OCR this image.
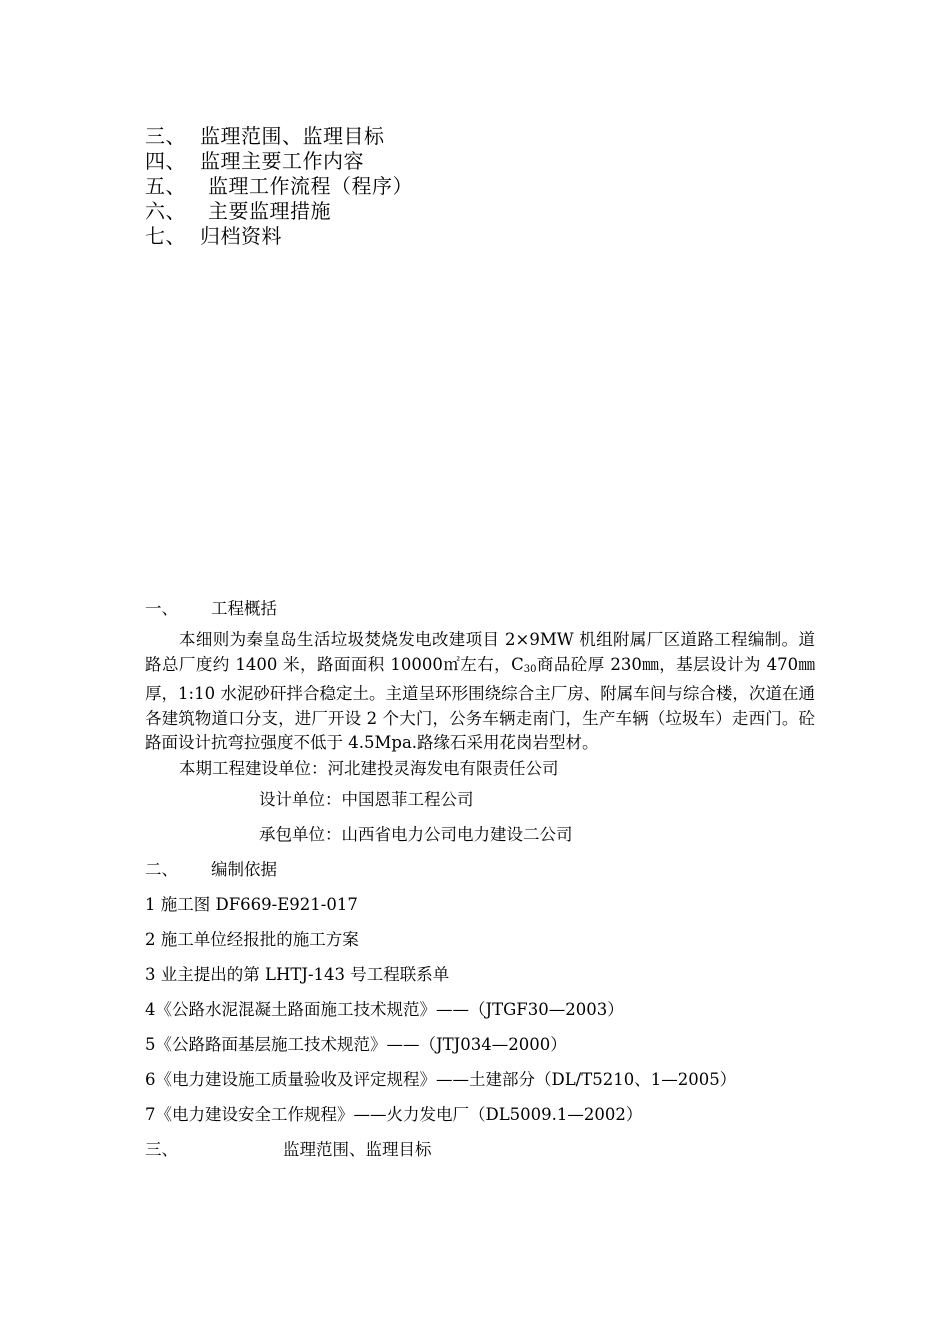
三、 监理范围、监理目标
四、 监理主要工作内容
五、 监理工作流程（程序）
六、 主要监理措施
七、 归档资料
一、 工程概括
本细则为秦皇岛生活垃圾焚烧发电改建项目 2×9MW 机组附属厂区道路工程编制。道路总厂度约 1400 米，路面面积 10000㎡左右，$C_{30}$商品砼厚 230㎜，基层设计为 470㎜厚，1:10 水泥砂矸拌合稳定土。主道呈环形围绕综合主厂房、附属车间与综合楼，次道在通各建筑物道口分支，进厂开设 2 个大门，公务车辆走南门，生产车辆（垃圾车）走西门。砼路面设计抗弯拉强度不低于 4.5Mpa.路缘石采用花岗岩型材。
本期工程建设单位：河北建投灵海发电有限责任公司
设计单位：中国恩菲工程公司
承包单位：山西省电力公司电力建设二公司
二、 编制依据
1 施工图 DF669-E921-017
2 施工单位经报批的施工方案
3 业主提出的第 LHTJ-143 号工程联系单
4《公路水泥混凝土路面施工技术规范》——（JTGF30—2003）
5《公路路面基层施工技术规范》——（JTJ034—2000）
6《电力建设施工质量验收及评定规程》——土建部分（DL/T5210、1—2005）
7《电力建设安全工作规程》——火力发电厂（DL5009.1—2002）
三、	监理范围、监理目标
